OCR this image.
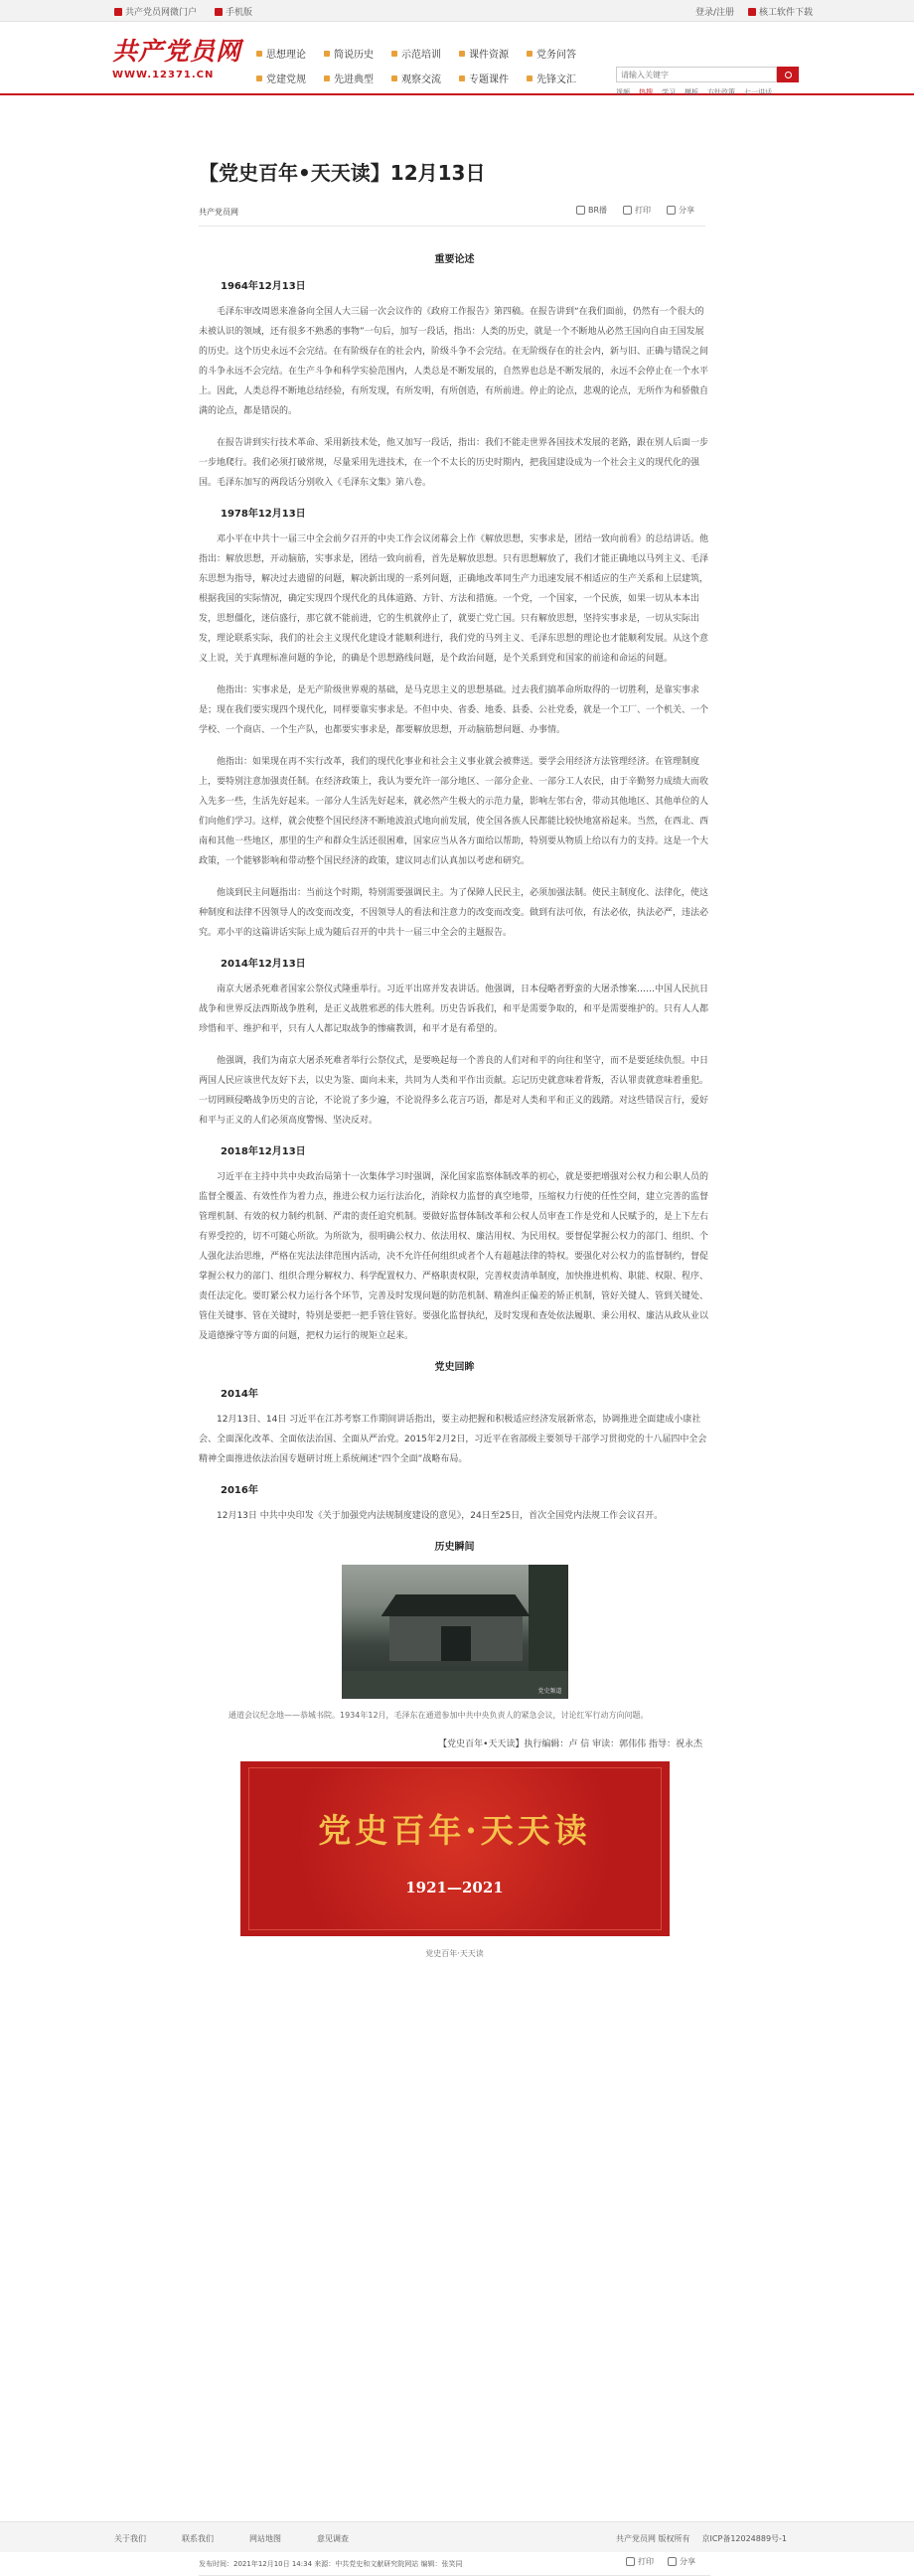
共产党员网微门户	手机版	登录/注册	核工软件下载
共产党员网
WWW.12371.CN
思想理论	简说历史	示范培训	课件资源	党务问答
党建党规	先进典型	观察交流	专题课件	先锋文汇
请输入关键字
视频 热搜 学习 模板 方针政策 七一讲话
【党史百年•天天读】12月13日
共产党员网	BR播	打印	分享
重要论述
1964年12月13日

毛泽东审改周恩来准备向全国人大三届一次会议作的《政府工作报告》第四稿。在报告讲到“在我们面前，仍然有一个很大的未被认识的领域，还有很多不熟悉的事物”一句后，加写一段话，指出：人类的历史，就是一个不断地从必然王国向自由王国发展的历史。这个历史永远不会完结。在有阶级存在的社会内，阶级斗争不会完结。在无阶级存在的社会内，新与旧、正确与错误之间的斗争永远不会完结。在生产斗争和科学实验范围内，人类总是不断发展的，自然界也总是不断发展的，永远不会停止在一个水平上。因此，人类总得不断地总结经验，有所发现，有所发明，有所创造，有所前进。停止的论点，悲观的论点，无所作为和骄傲自满的论点，都是错误的。

在报告讲到实行技术革命、采用新技术处，他又加写一段话，指出：我们不能走世界各国技术发展的老路，跟在别人后面一步一步地爬行。我们必须打破常规，尽量采用先进技术，在一个不太长的历史时期内，把我国建设成为一个社会主义的现代化的强国。毛泽东加写的两段话分别收入《毛泽东文集》第八卷。

1978年12月13日

邓小平在中共十一届三中全会前夕召开的中央工作会议闭幕会上作《解放思想，实事求是，团结一致向前看》的总结讲话。他指出：解放思想，开动脑筋，实事求是，团结一致向前看，首先是解放思想。只有思想解放了，我们才能正确地以马列主义、毛泽东思想为指导，解决过去遗留的问题，解决新出现的一系列问题，正确地改革同生产力迅速发展不相适应的生产关系和上层建筑，根据我国的实际情况，确定实现四个现代化的具体道路、方针、方法和措施。一个党，一个国家，一个民族，如果一切从本本出发，思想僵化，迷信盛行，那它就不能前进，它的生机就停止了，就要亡党亡国。只有解放思想，坚持实事求是，一切从实际出发，理论联系实际，我们的社会主义现代化建设才能顺利进行，我们党的马列主义、毛泽东思想的理论也才能顺利发展。从这个意义上说，关于真理标准问题的争论，的确是个思想路线问题，是个政治问题，是个关系到党和国家的前途和命运的问题。

他指出：实事求是，是无产阶级世界观的基础，是马克思主义的思想基础。过去我们搞革命所取得的一切胜利，是靠实事求是；现在我们要实现四个现代化，同样要靠实事求是。不但中央、省委、地委、县委、公社党委，就是一个工厂、一个机关、一个学校、一个商店、一个生产队，也都要实事求是，都要解放思想，开动脑筋想问题、办事情。

他指出：如果现在再不实行改革，我们的现代化事业和社会主义事业就会被葬送。要学会用经济方法管理经济。在管理制度上，要特别注意加强责任制。在经济政策上，我认为要允许一部分地区、一部分企业、一部分工人农民，由于辛勤努力成绩大而收入先多一些，生活先好起来。一部分人生活先好起来，就必然产生极大的示范力量，影响左邻右舍，带动其他地区、其他单位的人们向他们学习。这样，就会使整个国民经济不断地波浪式地向前发展，使全国各族人民都能比较快地富裕起来。当然，在西北、西南和其他一些地区，那里的生产和群众生活还很困难，国家应当从各方面给以帮助，特别要从物质上给以有力的支持。这是一个大政策，一个能够影响和带动整个国民经济的政策，建议同志们认真加以考虑和研究。

他谈到民主问题指出：当前这个时期，特别需要强调民主。为了保障人民民主，必须加强法制。使民主制度化、法律化，使这种制度和法律不因领导人的改变而改变，不因领导人的看法和注意力的改变而改变。做到有法可依，有法必依，执法必严，违法必究。邓小平的这篇讲话实际上成为随后召开的中共十一届三中全会的主题报告。

2014年12月13日

南京大屠杀死难者国家公祭仪式隆重举行。习近平出席并发表讲话。他强调，日本侵略者野蛮的大屠杀惨案……中国人民抗日战争和世界反法西斯战争胜利，是正义战胜邪恶的伟大胜利。历史告诉我们，和平是需要争取的，和平是需要维护的。只有人人都珍惜和平、维护和平，只有人人都记取战争的惨痛教训，和平才是有希望的。

他强调，我们为南京大屠杀死难者举行公祭仪式，是要唤起每一个善良的人们对和平的向往和坚守，而不是要延续仇恨。中日两国人民应该世代友好下去，以史为鉴、面向未来，共同为人类和平作出贡献。忘记历史就意味着背叛，否认罪责就意味着重犯。一切罔顾侵略战争历史的言论，不论说了多少遍，不论说得多么花言巧语，都是对人类和平和正义的践踏。对这些错误言行，爱好和平与正义的人们必须高度警惕、坚决反对。

2018年12月13日

习近平在主持中共中央政治局第十一次集体学习时强调，深化国家监察体制改革的初心，就是要把增强对公权力和公职人员的监督全覆盖、有效性作为着力点，推进公权力运行法治化，消除权力监督的真空地带，压缩权力行使的任性空间，建立完善的监督管理机制、有效的权力制约机制、严肃的责任追究机制。要做好监督体制改革和公权人员审查工作是党和人民赋予的，是上下左右有界受控的，切不可随心所欲。为所欲为，很明确公权力、依法用权、廉洁用权、为民用权。要督促掌握公权力的部门、组织、个人强化法治思维，严格在宪法法律范围内活动，决不允许任何组织或者个人有超越法律的特权。要强化对公权力的监督制约，督促掌握公权力的部门、组织合理分解权力、科学配置权力、严格职责权限，完善权责清单制度，加快推进机构、职能、权限、程序、责任法定化。要盯紧公权力运行各个环节，完善及时发现问题的防范机制、精准纠正偏差的矫正机制，管好关键人、管到关键处、管住关键事、管在关键时，特别是要把一把手管住管好。要强化监督执纪，及时发现和查处依法履职、秉公用权、廉洁从政从业以及道德操守等方面的问题，把权力运行的规矩立起来。

党史回眸
2014年

12月13日、14日 习近平在江苏考察工作期间讲话指出，要主动把握和积极适应经济发展新常态，协调推进全面建成小康社会、全面深化改革、全面依法治国、全面从严治党。2015年2月2日，习近平在省部级主要领导干部学习贯彻党的十八届四中全会精神全面推进依法治国专题研讨班上系统阐述“四个全面”战略布局。

2016年

12月13日 中共中央印发《关于加强党内法规制度建设的意见》，24日至25日，首次全国党内法规工作会议召开。

历史瞬间
党史频道

通道会议纪念地——恭城书院。1934年12月，毛泽东在通道参加中共中央负责人的紧急会议，讨论红军行动方向问题。

【党史百年•天天读】执行编辑：卢 信 审读：郭伟伟 指导：祝永杰

党史百年·天天读
1921—2021
党史百年·天天读
发布时间：2021年12月10日 14:34 来源：中共党史和文献研究院网站 编辑：张笑同	打印	分享
关于我们	联系我们	网站地图	意见调查	共产党员网 版权所有 京ICP备12024889号-1
